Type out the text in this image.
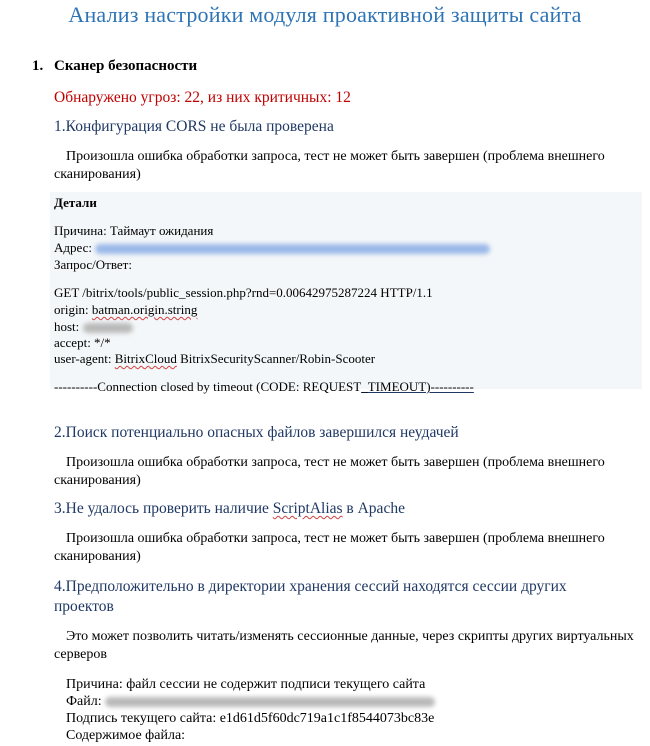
Анализ настройки модуля проактивной защиты сайта
1. Сканер безопасности
Обнаружено угроз: 22, из них критичных: 12
1.Конфигурация CORS не была проверена
Произошла ошибка обработки запроса, тест не может быть завершен (проблема внешнего сканирования)
Детали
Причина: Таймаут ожидания
Адрес:
Запрос/Ответ:
GET /bitrix/tools/public_session.php?rnd=0.00642975287224 HTTP/1.1
origin: batman.origin.string
host:
accept: */*
user-agent: BitrixCloud BitrixSecurityScanner/Robin-Scooter
----------Connection closed by timeout (CODE: REQUEST_TIMEOUT)----------
2.Поиск потенциально опасных файлов завершился неудачей
Произошла ошибка обработки запроса, тест не может быть завершен (проблема внешнего сканирования)
3.Не удалось проверить наличие ScriptAlias в Apache
Произошла ошибка обработки запроса, тест не может быть завершен (проблема внешнего сканирования)
4.Предположительно в директории хранения сессий находятся сессии других проектов
Это может позволить читать/изменять сессионные данные, через скрипты других виртуальных серверов
Причина: файл сессии не содержит подписи текущего сайта
Файл:
Подпись текущего сайта: e1d61d5f60dc719a1c1f8544073bc83e
Содержимое файла:
